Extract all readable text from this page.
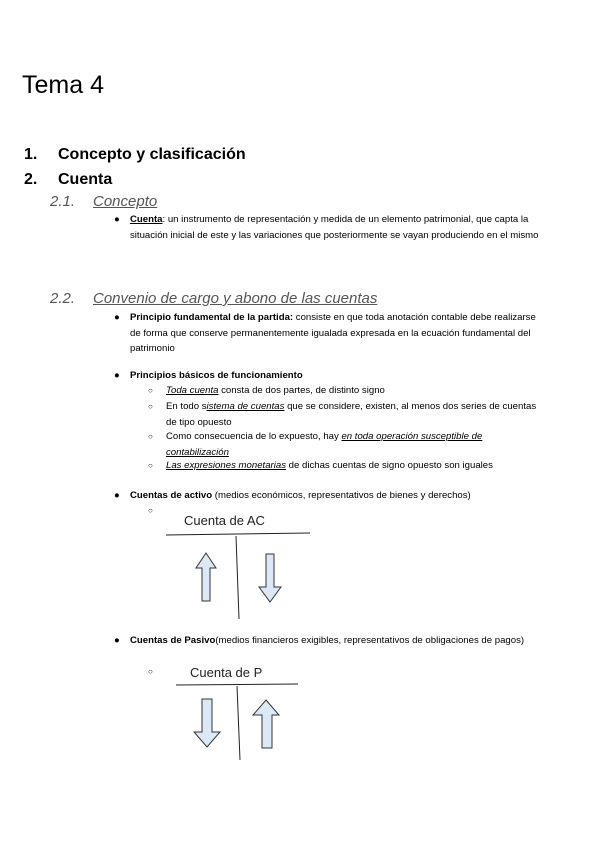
Tema 4
1. Concepto y clasificación
2. Cuenta
2.1. Concepto
●	Cuenta: un instrumento de representación y medida de un elemento patrimonial, que capta la situación inicial de este y las variaciones que posteriormente se vayan produciendo en el mismo
2.2. Convenio de cargo y abono de las cuentas
●	Principio fundamental de la partida: consiste en que toda anotación contable debe realizarse de forma que conserve permanentemente igualada expresada en la ecuación fundamental del patrimonio
●	Principios básicos de funcionamiento
○	Toda cuenta consta de dos partes, de distinto signo
○	En todo sistema de cuentas que se considere, existen, al menos dos series de cuentas de tipo opuesto
○	Como consecuencia de lo expuesto, hay en toda operación susceptible de contabilización
○	Las expresiones monetarias de dichas cuentas de signo opuesto son iguales
●	Cuentas de activo (medios económicos, representativos de bienes y derechos)
○
Cuenta de AC
●	Cuentas de Pasivo(medios financieros exigibles, representativos de obligaciones de pagos)
○	Cuenta de P
